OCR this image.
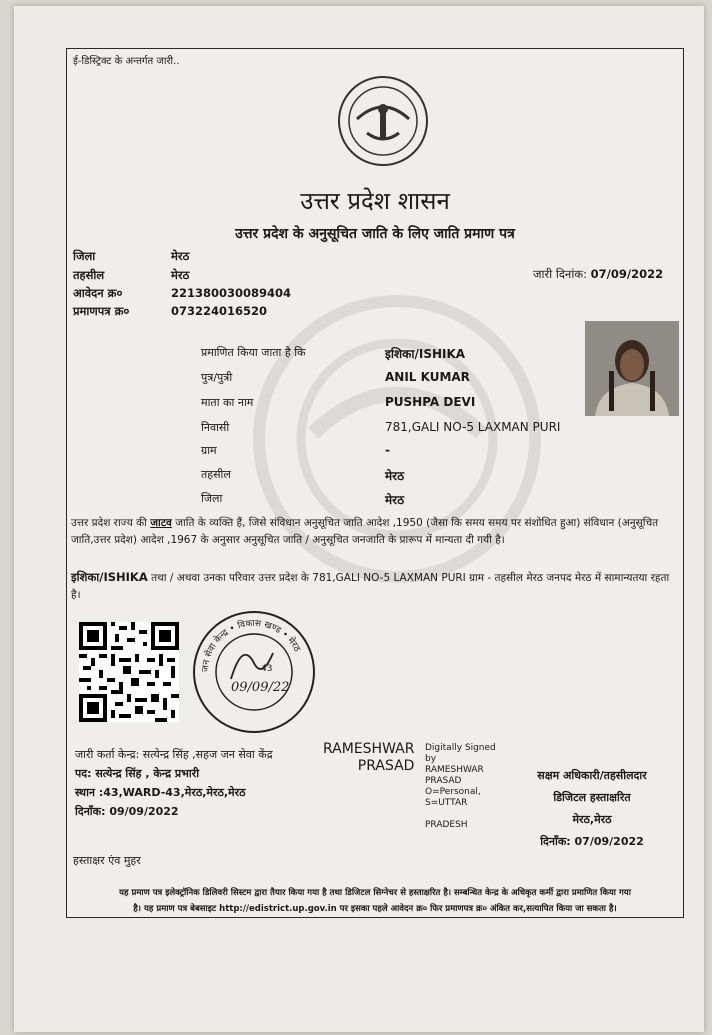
ई-डिस्ट्रिक्ट के अन्तर्गत जारी..
उत्तर प्रदेश शासन
उत्तर प्रदेश के अनुसूचित जाति के लिए जाति प्रमाण पत्र
जिला	मेरठ
तहसील	मेरठ
आवेदन क्र०	221380030089404
प्रमाणपत्र क्र०	073224016520
जारी दिनांक: 07/09/2022
प्रमाणित किया जाता है कि	इशिका/ISHIKA
पुत्र/पुत्री	ANIL KUMAR
माता का नाम	PUSHPA DEVI
निवासी	781,GALI NO-5 LAXMAN PURI
ग्राम	-
तहसील	मेरठ
जिला	मेरठ
उत्तर प्रदेश राज्य की जाटव जाति के व्यक्ति हैं, जिसे संविधान अनुसूचित जाति आदेश ,1950 (जैसा कि समय समय पर संशोधित हुआ) संविधान (अनुसूचित जाति,उत्तर प्रदेश) आदेश ,1967 के अनुसार अनुसूचित जाति / अनुसूचित जनजाति के प्रारूप में मान्यता दी गयी है।
इशिका/ISHIKA तथा / अथवा उनका परिवार उत्तर प्रदेश के 781,GALI NO-5 LAXMAN PURI ग्राम - तहसील मेरठ जनपद मेरठ में सामान्यतया रहता है।
जन सेवा केन्द्र • विकास खण्ड • मेरठ
43
09/09/22
जारी कर्ता केन्द्र: सत्येन्द्र सिंह ,सहज जन सेवा केंद्र
पद: सत्येन्द्र सिंह , केन्द्र प्रभारी
स्थान :43,WARD-43,मेरठ,मेरठ,मेरठ
दिनाँक: 09/09/2022
RAMESHWAR
PRASAD
Digitally Signed
by
RAMESHWAR
PRASAD
O=Personal,
S=UTTAR
PRADESH
सक्षम अधिकारी/तहसीलदार
डिजिटल हस्ताक्षरित
मेरठ,मेरठ
दिनाँक: 07/09/2022
हस्ताक्षर एंव मुहर
यह प्रमाण पत्र इलेक्ट्रॉनिक डिलिवरी सिस्टम द्वारा तैयार किया गया है तथा डिजिटल सिग्नेचर से हस्ताक्षरित है। सम्बन्धित केन्द्र के अधिकृत कर्मी द्वारा प्रमाणित किया गया
है। यह प्रमाण पत्र बेबसाइट http://edistrict.up.gov.in पर इसका पहले आवेदन क्र० फिर प्रमाणपत्र क्र० अंकित कर,सत्यापित किया जा सकता है।
